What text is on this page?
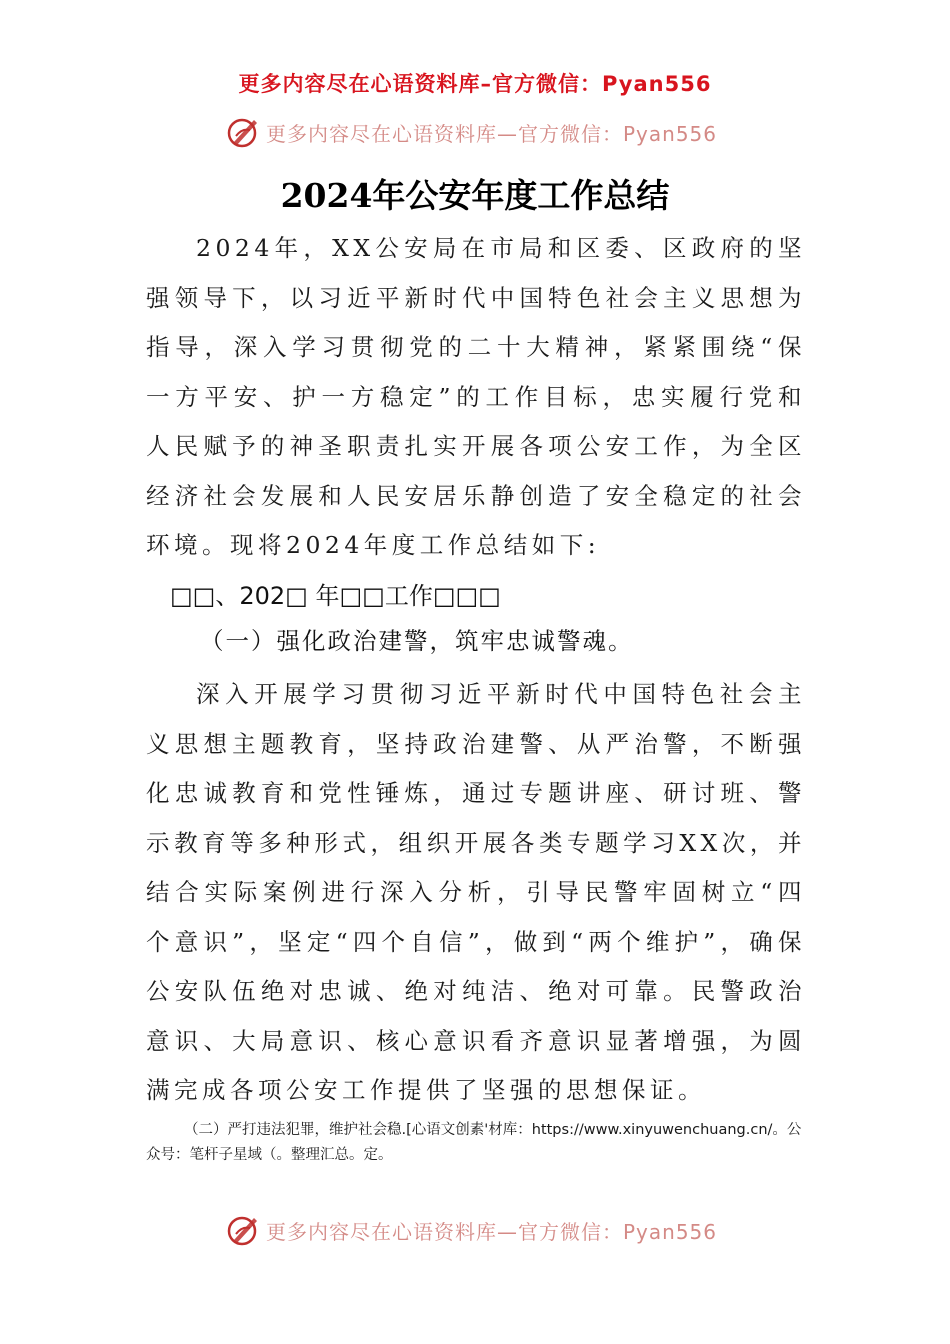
更多内容尽在心语资料库–官方微信：Pyan556
更多内容尽在心语资料库—官方微信：Pyan556
2024年公安年度工作总结

2024年，XX公安局在市局和区委、区政府的坚强领导下，以习近平新时代中国特色社会主义思想为指导，深入学习贯彻党的二十大精神，紧紧围绕“保一方平安、护一方稳定”的工作目标，忠实履行党和人民赋予的神圣职责扎实开展各项公安工作，为全区经济社会发展和人民安居乐静创造了安全稳定的社会环境。现将2024年度工作总结如下:

□□、202□ 年□□工作□□□
（一）强化政治建警，筑牢忠诚警魂。

深入开展学习贯彻习近平新时代中国特色社会主义思想主题教育，坚持政治建警、从严治警，不断强化忠诚教育和党性锤炼，通过专题讲座、研讨班、警示教育等多种形式，组织开展各类专题学习XX次，并结合实际案例进行深入分析，引导民警牢固树立“四个意识”，坚定“四个自信”，做到“两个维护”，确保公安队伍绝对忠诚、绝对纯洁、绝对可靠。民警政治意识、大局意识、核心意识看齐意识显著增强，为圆满完成各项公安工作提供了坚强的思想保证。

（二）严打违法犯罪，维护社会稳.[心语文创素'材库：https://www.xinyuwenchuang.cn/。公众号：笔杆子星域（。整理汇总。定。

更多内容尽在心语资料库—官方微信：Pyan556
